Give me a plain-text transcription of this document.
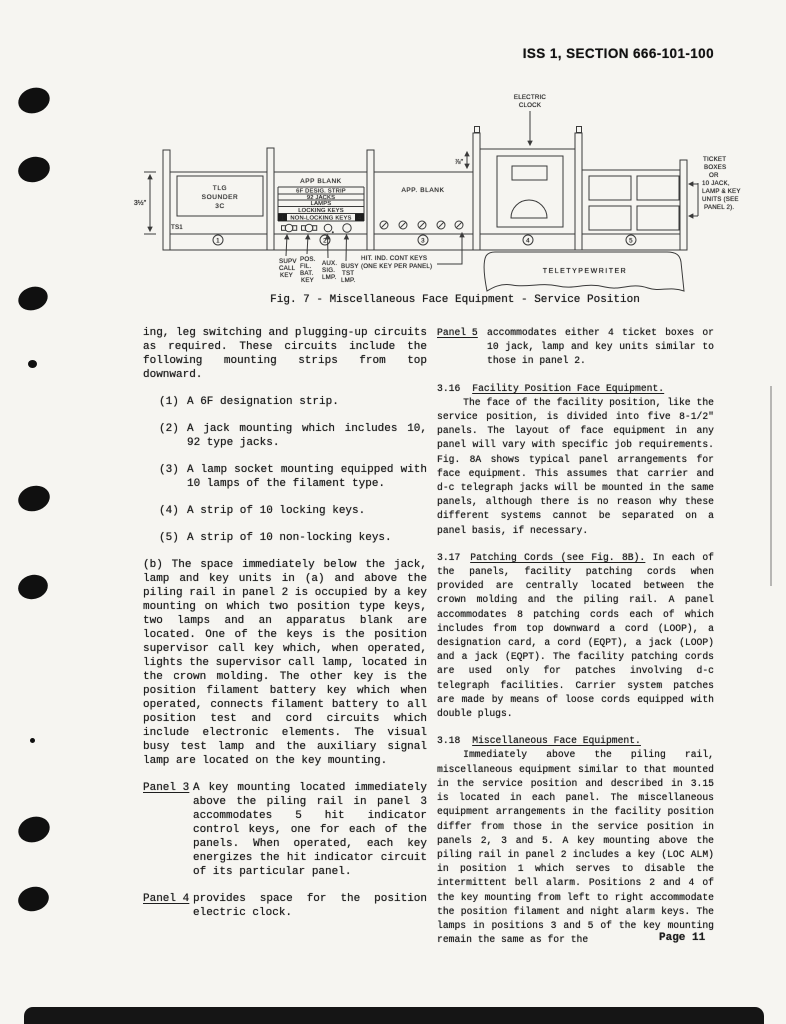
ISS 1, SECTION 666-101-100
3½″
TLG
SOUNDER
3C
TS1
APP BLANK
6F DESIG. STRIP
92 JACKS
LAMPS
LOCKING KEYS
1	4
NON-LOCKING KEYS
APP. BLANK
⅞″
ELECTRIC
CLOCK
1	2	3	4	5
SUPV
CALL
KEY
POS.
FIL.
BAT.
KEY
AUX.
SIG.
LMP.
BUSY
TST
LMP.
HIT. IND. CONT KEYS
(ONE KEY PER PANEL)
TICKET
BOXES
OR
10 JACK,
LAMP & KEY
UNITS (SEE
PANEL 2).
TELETYPEWRITER
Fig. 7 - Miscellaneous Face Equipment - Service Position

ing, leg switching and plugging-up circuits as required. These circuits include the following mounting strips from top downward.

(1) A 6F designation strip.
(2) A jack mounting which includes 10, 92 type jacks.
(3) A lamp socket mounting equipped with 10 lamps of the filament type.
(4) A strip of 10 locking keys.
(5) A strip of 10 non-locking keys.

(b) The space immediately below the jack, lamp and key units in (a) and above the piling rail in panel 2 is occupied by a key mounting on which two position type keys, two lamps and an apparatus blank are located. One of the keys is the position supervisor call key which, when operated, lights the supervisor call lamp, located in the crown molding. The other key is the position filament battery key which when operated, connects filament battery to all position test and cord circuits which include electronic elements. The visual busy test lamp and the auxiliary signal lamp are located on the key mounting.

Panel 3 A key mounting located immediately above the piling rail in panel 3 accommodates 5 hit indicator control keys, one for each of the panels. When operated, each key energizes the hit indicator circuit of its particular panel.
Panel 4 provides space for the position electric clock.
Panel 5 accommodates either 4 ticket boxes or 10 jack, lamp and key units similar to those in panel 2.
3.16 Facility Position Face Equipment.

The face of the facility position, like the service position, is divided into five 8-1/2" panels. The layout of face equipment in any panel will vary with specific job requirements. Fig. 8A shows typical panel arrangements for face equipment. This assumes that carrier and d-c telegraph jacks will be mounted in the same panels, although there is no reason why these different systems cannot be separated on a panel basis, if necessary.

3.17 Patching Cords (see Fig. 8B). In each of the panels, facility patching cords when provided are centrally located between the crown molding and the piling rail. A panel accommodates 8 patching cords each of which includes from top downward a cord (LOOP), a designation card, a cord (EQPT), a jack (LOOP) and a jack (EQPT). The facility patching cords are used only for patches involving d-c telegraph facilities. Carrier system patches are made by means of loose cords equipped with double plugs.

3.18 Miscellaneous Face Equipment.

Immediately above the piling rail, miscellaneous equipment similar to that mounted in the service position and described in 3.15 is located in each panel. The miscellaneous equipment arrangements in the facility position differ from those in the service position in panels 2, 3 and 5. A key mounting above the piling rail in panel 2 includes a key (LOC ALM) in position 1 which serves to disable the intermittent bell alarm. Positions 2 and 4 of the key mounting from left to right accommodate the position filament and night alarm keys. The lamps in positions 3 and 5 of the key mounting remain the same as for the	Page 11
